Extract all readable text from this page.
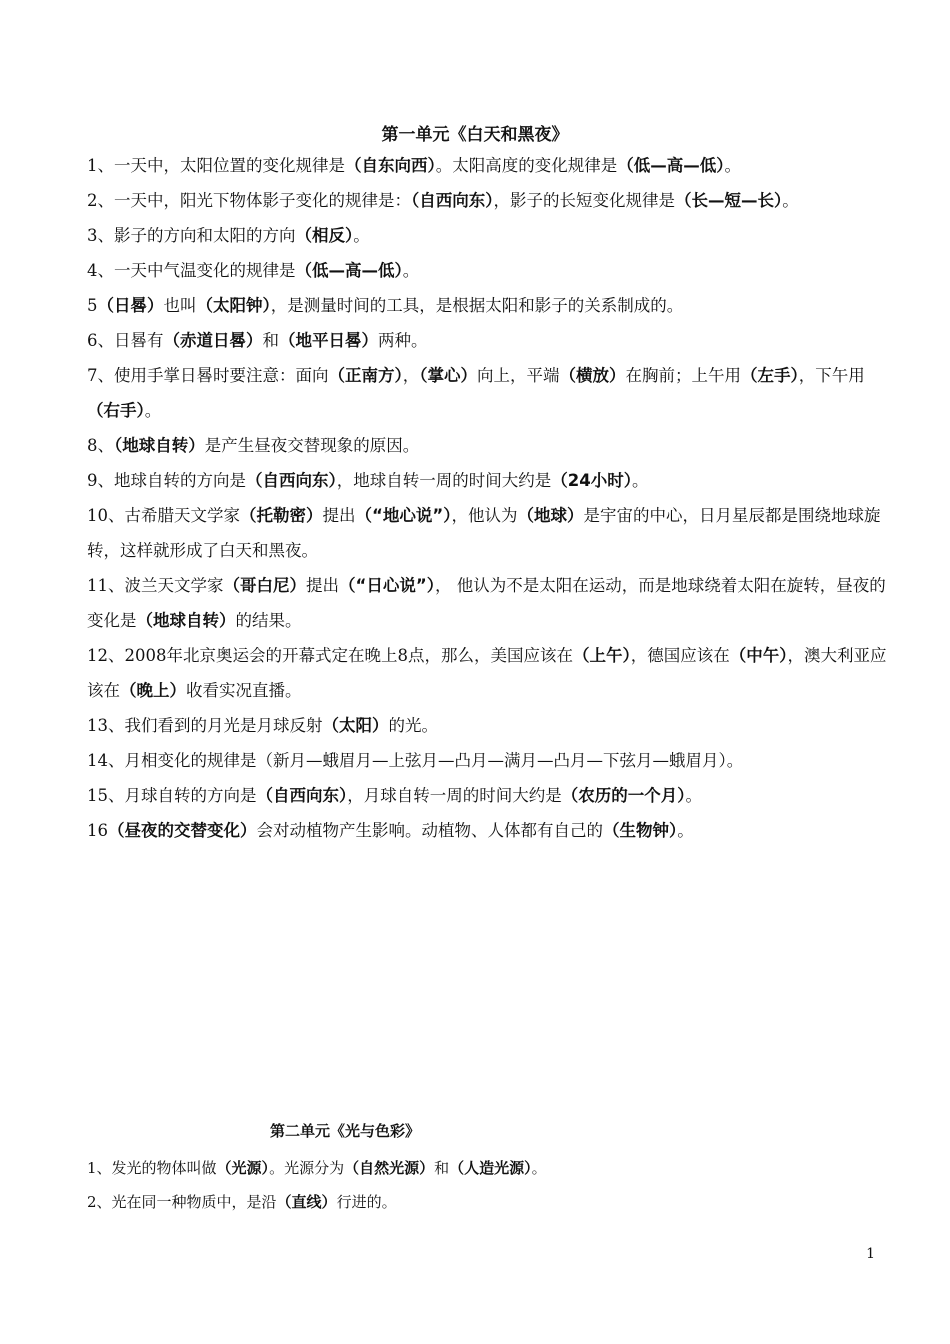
第一单元《白天和黑夜》

1、一天中，太阳位置的变化规律是（自东向西）。太阳高度的变化规律是（低—高—低）。

2、一天中，阳光下物体影子变化的规律是：（自西向东），影子的长短变化规律是（长—短—长）。

3、影子的方向和太阳的方向（相反）。

4、一天中气温变化的规律是（低—高—低）。

5（日晷）也叫（太阳钟），是测量时间的工具，是根据太阳和影子的关系制成的。

6、日晷有（赤道日晷）和（地平日晷）两种。

7、使用手掌日晷时要注意：面向（正南方），（掌心）向上，平端（横放）在胸前；上午用（左手），下午用（右手）。

8、（地球自转）是产生昼夜交替现象的原因。

9、地球自转的方向是（自西向东），地球自转一周的时间大约是（24小时）。

10、古希腊天文学家（托勒密）提出（“地心说”），他认为（地球）是宇宙的中心，日月星辰都是围绕地球旋转，这样就形成了白天和黑夜。

11、波兰天文学家（哥白尼）提出（“日心说”）， 他认为不是太阳在运动，而是地球绕着太阳在旋转，昼夜的变化是（地球自转）的结果。

12、2008年北京奥运会的开幕式定在晚上8点，那么，美国应该在（上午），德国应该在（中午），澳大利亚应该在（晚上）收看实况直播。

13、我们看到的月光是月球反射（太阳）的光。

14、月相变化的规律是（新月—蛾眉月—上弦月—凸月—满月—凸月—下弦月—蛾眉月）。

15、月球自转的方向是（自西向东），月球自转一周的时间大约是（农历的一个月）。

16（昼夜的交替变化）会对动植物产生影响。动植物、人体都有自己的（生物钟）。

第二单元《光与色彩》

1、发光的物体叫做（光源）。光源分为（自然光源）和（人造光源）。

2、光在同一种物质中，是沿（直线）行进的。

1
